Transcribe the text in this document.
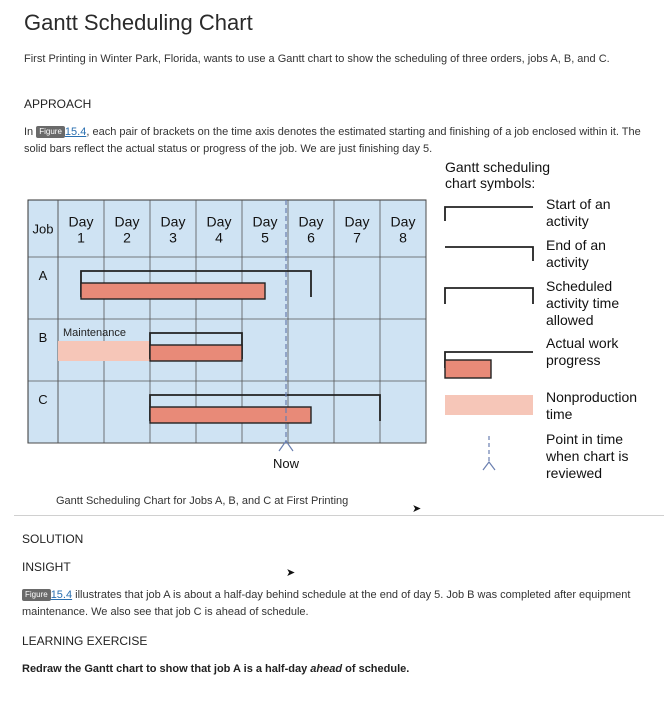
Gantt Scheduling Chart
First Printing in Winter Park, Florida, wants to use a Gantt chart to show the scheduling of three orders, jobs A, B, and C.
APPROACH
In Figure 15.4, each pair of brackets on the time axis denotes the estimated starting and finishing of a job enclosed within it. The solid bars reflect the actual status or progress of the job. We are just finishing day 5.
Gantt scheduling
chart symbols:
Job Day
1
Day
2
Day
3
Day
4
Day
5
Day
6
Day
7
Day
8
A
B Maintenance
C
Now
Start of an
activity
End of an
activity
Scheduled
activity time
allowed
Actual work
progress
Nonproduction
time
Point in time
when chart is
reviewed
Gantt Scheduling Chart for Jobs A, B, and C at First Printing
SOLUTION
INSIGHT
Figure 15.4 illustrates that job A is about a half-day behind schedule at the end of day 5. Job B was completed after equipment maintenance. We also see that job C is ahead of schedule.
LEARNING EXERCISE
Redraw the Gantt chart to show that job A is a half-day ahead of schedule.
➤
➤
